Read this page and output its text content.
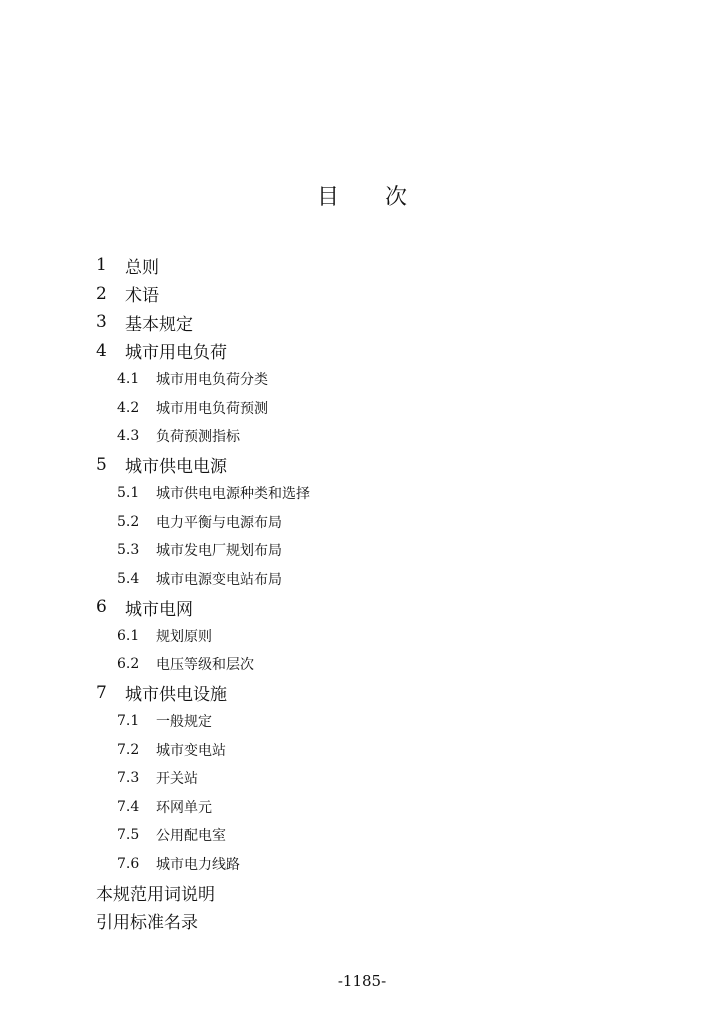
目 次
1	总则
2	术语
3	基本规定
4	城市用电负荷
4.1	城市用电负荷分类
4.2	城市用电负荷预测
4.3	负荷预测指标
5	城市供电电源
5.1	城市供电电源种类和选择
5.2	电力平衡与电源布局
5.3	城市发电厂规划布局
5.4	城市电源变电站布局
6	城市电网
6.1	规划原则
6.2	电压等级和层次
7	城市供电设施
7.1	一般规定
7.2	城市变电站
7.3	开关站
7.4	环网单元
7.5	公用配电室
7.6	城市电力线路
本规范用词说明
引用标准名录
-1185-
